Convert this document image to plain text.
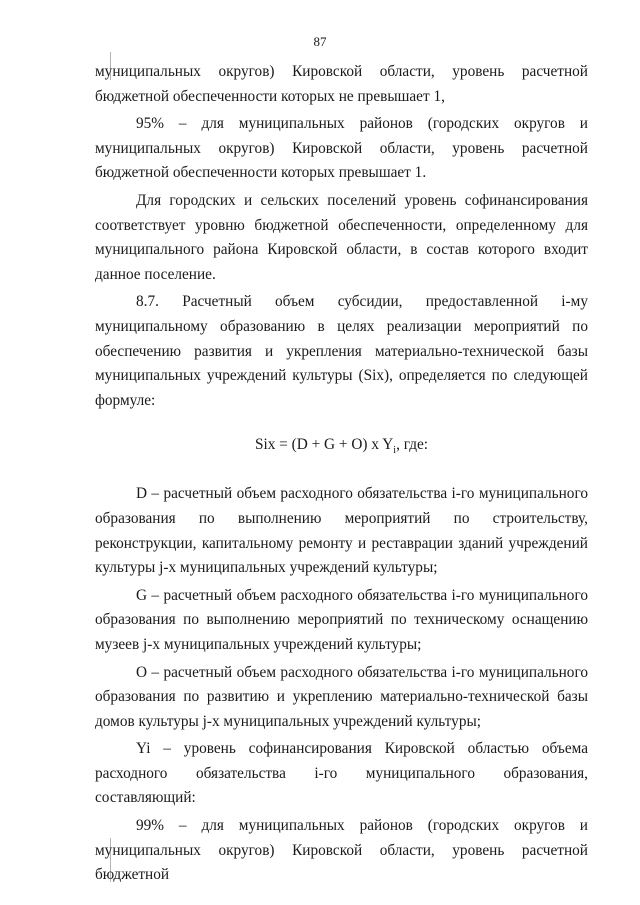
87

муниципальных округов) Кировской области, уровень расчетной бюджетной обеспеченности которых не превышает 1,

95% – для муниципальных районов (городских округов и муниципальных округов) Кировской области, уровень расчетной бюджетной обеспеченности которых превышает 1.

Для городских и сельских поселений уровень софинансирования соответствует уровню бюджетной обеспеченности, определенному для муниципального района Кировской области, в состав которого входит данное поселение.

8.7. Расчетный объем субсидии, предоставленной i-му муниципальному образованию в целях реализации мероприятий по обеспечению развития и укрепления материально-технической базы муниципальных учреждений культуры (Six), определяется по следующей формуле:

Six = (D + G + O) x $Y_i$, где:

D – расчетный объем расходного обязательства i-го муниципального образования по выполнению мероприятий по строительству, реконструкции, капитальному ремонту и реставрации зданий учреждений культуры j-х муниципальных учреждений культуры;

G – расчетный объем расходного обязательства i-го муниципального образования по выполнению мероприятий по техническому оснащению музеев j-х муниципальных учреждений культуры;

О – расчетный объем расходного обязательства i-го муниципального образования по развитию и укреплению материально-технической базы домов культуры j-х муниципальных учреждений культуры;

Yi – уровень софинансирования Кировской областью объема расходного обязательства i-го муниципального образования, составляющий:

99% – для муниципальных районов (городских округов и муниципальных округов) Кировской области, уровень расчетной бюджетной
